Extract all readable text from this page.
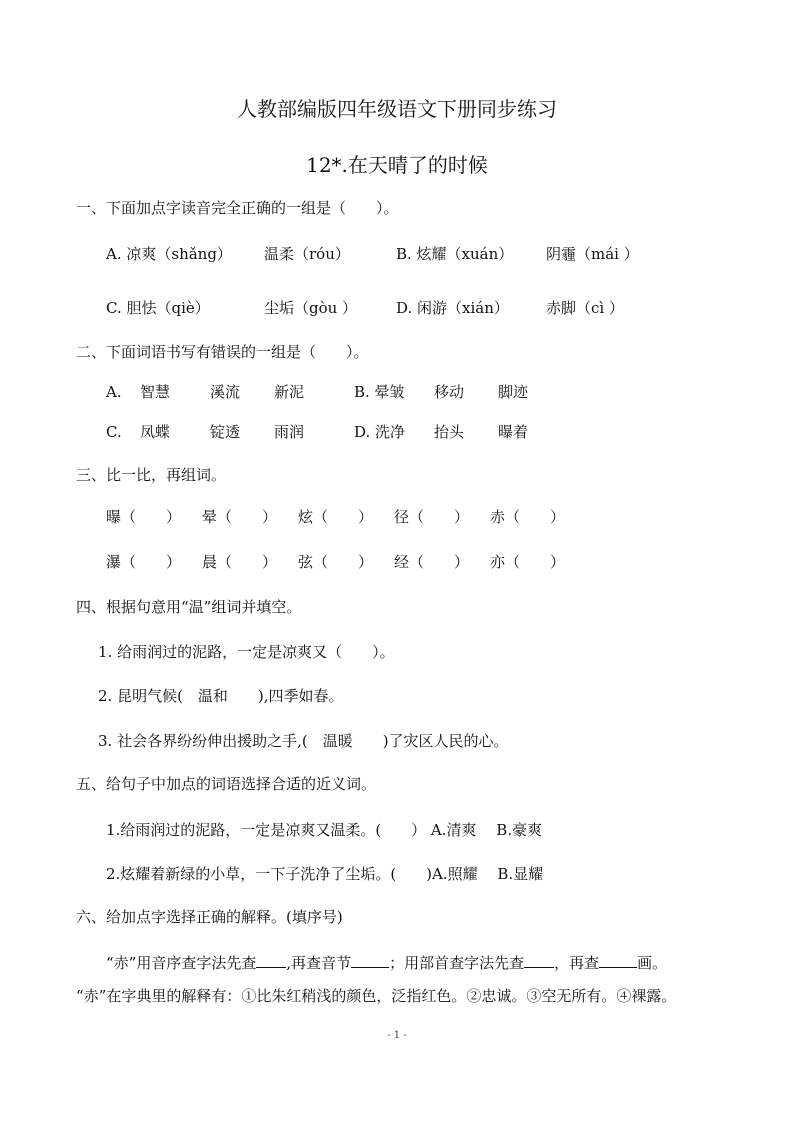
人教部编版四年级语文下册同步练习
12*.在天晴了的时候
一、下面加点字读音完全正确的一组是（　　）。
A. 凉爽（shǎng） 温柔（róu）	B. 炫耀（xuán） 阴霾（mái ）
C. 胆怯（qiè）	尘垢（gòu ）	D. 闲游（xián） 赤脚（cì ）
二、下面词语书写有错误的一组是（　　）。
A. 智慧	溪流 新泥	B. 晕皱 移动 脚迹
C. 凤蝶	锭透 雨润	D. 洗净 抬头 曝着
三、比一比，再组词。
曝（　　） 晕（　　） 炫（　　） 径（　　） 赤（　　）
瀑（　　） 晨（　　） 弦（　　） 经（　　） 亦（　　）
四、根据句意用“温”组词并填空。
1. 给雨润过的泥路，一定是凉爽又（　　）。
2. 昆明气候(　温和　　),四季如春。
3. 社会各界纷纷伸出援助之手,(　温暖　　)了灾区人民的心。
五、给句子中加点的词语选择合适的近义词。
1.给雨润过的泥路，一定是凉爽又温柔。(　　） A.清爽　 B.豪爽
2.炫耀着新绿的小草，一下子洗净了尘垢。(　　)A.照耀　 B.显耀
六、给加点字选择正确的解释。(填序号)
“赤”用音序查字法先查 ,再查音节	；用部首查字法先查 ，再查	画。
“赤”在字典里的解释有：①比朱红稍浅的颜色，泛指红色。②忠诚。③空无所有。④裸露。
- 1 -
